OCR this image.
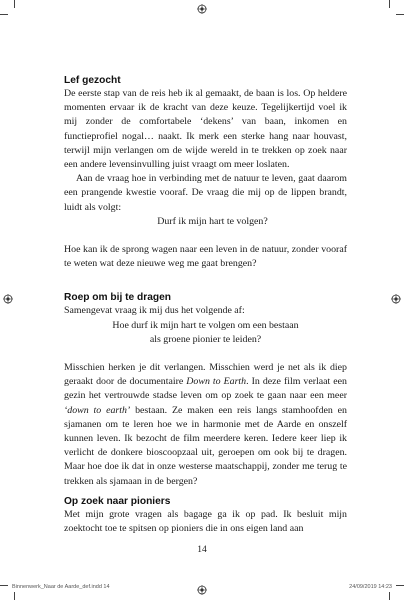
Lef gezocht

De eerste stap van de reis heb ik al gemaakt, de baan is los. Op heldere momenten ervaar ik de kracht van deze keuze. Tegelijkertijd voel ik mij zonder de comfortabele ‘dekens’ van baan, inkomen en functieprofiel nogal… naakt. Ik merk een sterke hang naar houvast, terwijl mijn verlangen om de wijde wereld in te trekken op zoek naar een andere levensinvulling juist vraagt om meer loslaten.

Aan de vraag hoe in verbinding met de natuur te leven, gaat daarom een prangende kwestie vooraf. De vraag die mij op de lippen brandt, luidt als volgt:

Durf ik mijn hart te volgen?

Hoe kan ik de sprong wagen naar een leven in de natuur, zonder vooraf te weten wat deze nieuwe weg me gaat brengen?

Roep om bij te dragen

Samengevat vraag ik mij dus het volgende af:

Hoe durf ik mijn hart te volgen om een bestaan

als groene pionier te leiden?

Misschien herken je dit verlangen. Misschien werd je net als ik diep geraakt door de documentaire Down to Earth. In deze film verlaat een gezin het vertrouwde stadse leven om op zoek te gaan naar een meer ‘down to earth’ bestaan. Ze maken een reis langs stamhoofden en sjamanen om te leren hoe we in harmonie met de Aarde en onszelf kunnen leven. Ik bezocht de film meerdere keren. Iedere keer liep ik verlicht de donkere bioscoopzaal uit, geroepen om ook bij te dragen. Maar hoe doe ik dat in onze westerse maatschappij, zonder me terug te trekken als sjamaan in de bergen?

Op zoek naar pioniers

Met mijn grote vragen als bagage ga ik op pad. Ik besluit mijn zoektocht toe te spitsen op pioniers die in ons eigen land aan

14
Binnenwerk_Naar de Aarde_def.indd 14	24/09/2019 14:23
